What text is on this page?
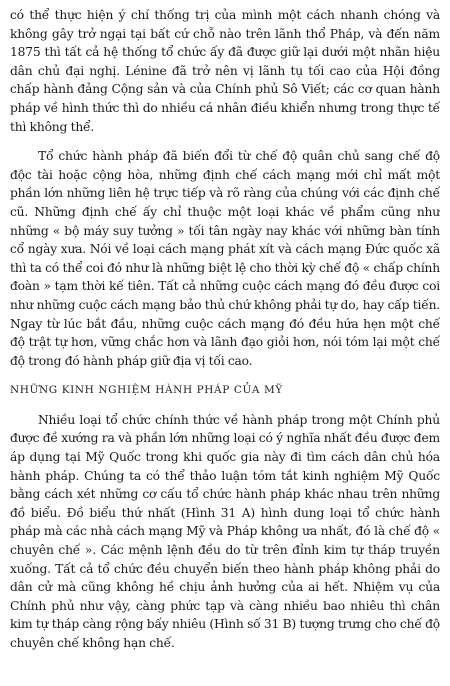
có thể thực hiện ý chí thống trị của mình một cách nhanh chóng và không gây trở ngại tại bất cứ chỗ nào trên lãnh thổ Pháp, và đến năm 1875 thì tất cả hệ thống tổ chức ấy đã được giữ lại dưới một nhãn hiệu dân chủ đại nghị. Lénine đã trở nên vị lãnh tụ tối cao của Hội đồng chấp hành đảng Cộng sản và của Chính phủ Sô Viết; các cơ quan hành pháp về hình thức thì do nhiều cá nhân điều khiển nhưng trong thực tế thì không thể.

Tổ chức hành pháp đã biến đổi từ chế độ quân chủ sang chế độ độc tài hoặc cộng hòa, những định chế cách mạng mới chỉ mất một phần lớn những liên hệ trực tiếp và rõ ràng của chúng với các định chế cũ. Những định chế ấy chỉ thuộc một loại khác về phẩm cũng như những « bộ máy suy tưởng » tối tân ngày nay khác với những bàn tính cổ ngày xưa. Nói về loại cách mạng phát xít và cách mạng Đức quốc xã thì ta có thể coi đó như là những biệt lệ cho thời kỳ chế độ « chấp chính đoàn » tạm thời kế tiên. Tất cả những cuộc cách mạng đó đều được coi như những cuộc cách mạng bảo thủ chứ không phải tự do, hay cấp tiến. Ngay từ lúc bắt đầu, những cuộc cách mạng đó đều hứa hẹn một chế độ trật tự hơn, vững chắc hơn và lãnh đạo giỏi hơn, nói tóm lại một chế độ trong đó hành pháp giữ địa vị tối cao.

NHỮNG KINH NGHIỆM HÀNH PHÁP CỦA MỸ

Nhiều loại tổ chức chính thức về hành pháp trong một Chính phủ được đề xướng ra và phần lớn những loại có ý nghĩa nhất đều được đem áp dụng tại Mỹ Quốc trong khi quốc gia này đi tìm cách dân chủ hóa hành pháp. Chúng ta có thể thảo luận tóm tắt kinh nghiệm Mỹ Quốc bằng cách xét những cơ cấu tổ chức hành pháp khác nhau trên những đồ biểu. Đồ biểu thứ nhất (Hình 31 A) hình dung loại tổ chức hành pháp mà các nhà cách mạng Mỹ và Pháp không ưa nhất, đó là chế độ « chuyên chế ». Các mệnh lệnh đều do từ trên đỉnh kim tự tháp truyền xuống. Tất cả tổ chức đều chuyển biến theo hành pháp không phải do dân cử mà cũng không hề chịu ảnh hưởng của ai hết. Nhiệm vụ của Chính phủ như vậy, càng phức tạp và càng nhiều bao nhiêu thì chân kim tự tháp càng rộng bấy nhiêu (Hình số 31 B) tượng trưng cho chế độ chuyên chế không hạn chế.
